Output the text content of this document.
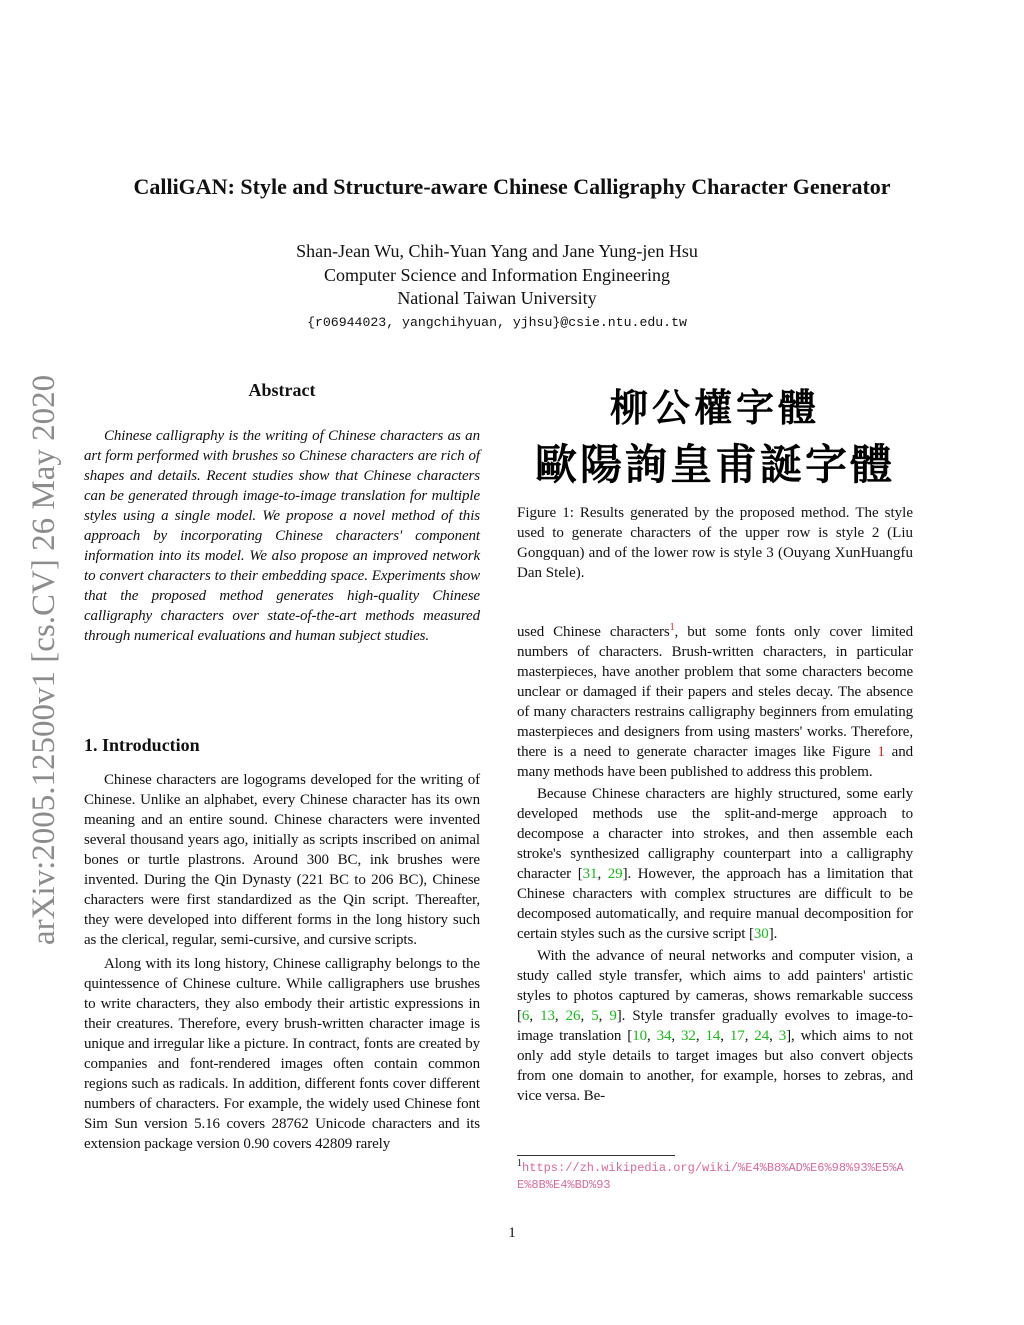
arXiv:2005.12500v1 [cs.CV] 26 May 2020
CalliGAN: Style and Structure-aware Chinese Calligraphy Character Generator
Shan-Jean Wu, Chih-Yuan Yang and Jane Yung-jen Hsu
Computer Science and Information Engineering
National Taiwan University
{r06944023, yangchihyuan, yjhsu}@csie.ntu.edu.tw
Abstract

Chinese calligraphy is the writing of Chinese characters as an art form performed with brushes so Chinese characters are rich of shapes and details. Recent studies show that Chinese characters can be generated through image-to-image translation for multiple styles using a single model. We propose a novel method of this approach by incorporating Chinese characters' component information into its model. We also propose an improved network to convert characters to their embedding space. Experiments show that the proposed method generates high-quality Chinese calligraphy characters over state-of-the-art methods measured through numerical evaluations and human subject studies.

1. Introduction

Chinese characters are logograms developed for the writing of Chinese. Unlike an alphabet, every Chinese character has its own meaning and an entire sound. Chinese characters were invented several thousand years ago, initially as scripts inscribed on animal bones or turtle plastrons. Around 300 BC, ink brushes were invented. During the Qin Dynasty (221 BC to 206 BC), Chinese characters were first standardized as the Qin script. Thereafter, they were developed into different forms in the long history such as the clerical, regular, semi-cursive, and cursive scripts.

Along with its long history, Chinese calligraphy belongs to the quintessence of Chinese culture. While calligraphers use brushes to write characters, they also embody their artistic expressions in their creatures. Therefore, every brush-written character image is unique and irregular like a picture. In contract, fonts are created by companies and font-rendered images often contain common regions such as radicals. In addition, different fonts cover different numbers of characters. For example, the widely used Chinese font Sim Sun version 5.16 covers 28762 Unicode characters and its extension package version 0.90 covers 42809 rarely

柳公權字體
歐陽詢皇甫誕字體
Figure 1: Results generated by the proposed method. The style used to generate characters of the upper row is style 2 (Liu Gongquan) and of the lower row is style 3 (Ouyang XunHuangfu Dan Stele).

used Chinese characters$^1$, but some fonts only cover limited numbers of characters. Brush-written characters, in particular masterpieces, have another problem that some characters become unclear or damaged if their papers and steles decay. The absence of many characters restrains calligraphy beginners from emulating masterpieces and designers from using masters' works. Therefore, there is a need to generate character images like Figure 1 and many methods have been published to address this problem.

Because Chinese characters are highly structured, some early developed methods use the split-and-merge approach to decompose a character into strokes, and then assemble each stroke's synthesized calligraphy counterpart into a calligraphy character [31, 29]. However, the approach has a limitation that Chinese characters with complex structures are difficult to be decomposed automatically, and require manual decomposition for certain styles such as the cursive script [30].

With the advance of neural networks and computer vision, a study called style transfer, which aims to add painters' artistic styles to photos captured by cameras, shows remarkable success [6, 13, 26, 5, 9]. Style transfer gradually evolves to image-to-image translation [10, 34, 32, 14, 17, 24, 3], which aims to not only add style details to target images but also convert objects from one domain to another, for example, horses to zebras, and vice versa. Be-

$^1$https://zh.wikipedia.org/wiki/%E4%B8%AD%E6%98%93%E5%AE%8B%E4%BD%93
1
